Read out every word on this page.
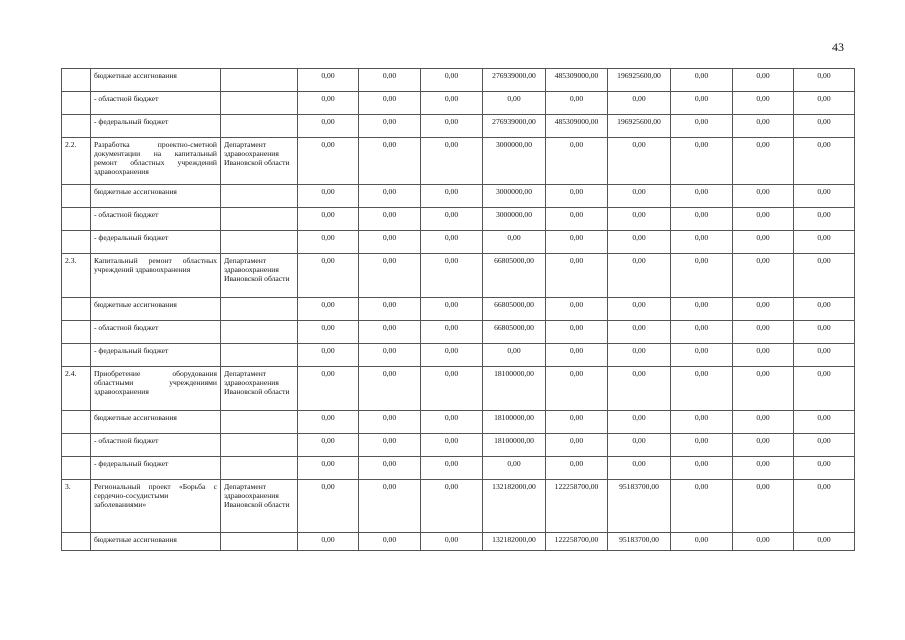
43
	бюджетные ассигнования		0,00	0,00	0,00	276939000,00	485309000,00	196925600,00	0,00	0,00	0,00
	- областной бюджет		0,00	0,00	0,00	0,00	0,00	0,00	0,00	0,00	0,00
	- федеральный бюджет		0,00	0,00	0,00	276939000,00	485309000,00	196925600,00	0,00	0,00	0,00
2.2.	Разработка проектно-сметной документации на капитальный ремонт областных учреждений здравоохранения	Департамент здравоохранения Ивановской области	0,00	0,00	0,00	3000000,00	0,00	0,00	0,00	0,00	0,00
	бюджетные ассигнования		0,00	0,00	0,00	3000000,00	0,00	0,00	0,00	0,00	0,00
	- областной бюджет		0,00	0,00	0,00	3000000,00	0,00	0,00	0,00	0,00	0,00
	- федеральный бюджет		0,00	0,00	0,00	0,00	0,00	0,00	0,00	0,00	0,00
2.3.	Капитальный ремонт областных учреждений здравоохранения	Департамент здравоохранения Ивановской области	0,00	0,00	0,00	66805000,00	0,00	0,00	0,00	0,00	0,00
	бюджетные ассигнования		0,00	0,00	0,00	66805000,00	0,00	0,00	0,00	0,00	0,00
	- областной бюджет		0,00	0,00	0,00	66805000,00	0,00	0,00	0,00	0,00	0,00
	- федеральный бюджет		0,00	0,00	0,00	0,00	0,00	0,00	0,00	0,00	0,00
2.4.	Приобретение оборудования областными учреждениями здравоохранения	Департамент здравоохранения Ивановской области	0,00	0,00	0,00	18100000,00	0,00	0,00	0,00	0,00	0,00
	бюджетные ассигнования		0,00	0,00	0,00	18100000,00	0,00	0,00	0,00	0,00	0,00
	- областной бюджет		0,00	0,00	0,00	18100000,00	0,00	0,00	0,00	0,00	0,00
	- федеральный бюджет		0,00	0,00	0,00	0,00	0,00	0,00	0,00	0,00	0,00
3.	Региональный проект «Борьба с сердечно-сосудистыми заболеваниями»	Департамент здравоохранения Ивановской области	0,00	0,00	0,00	132182000,00	122258700,00	95183700,00	0,00	0,00	0,00
	бюджетные ассигнования		0,00	0,00	0,00	132182000,00	122258700,00	95183700,00	0,00	0,00	0,00
